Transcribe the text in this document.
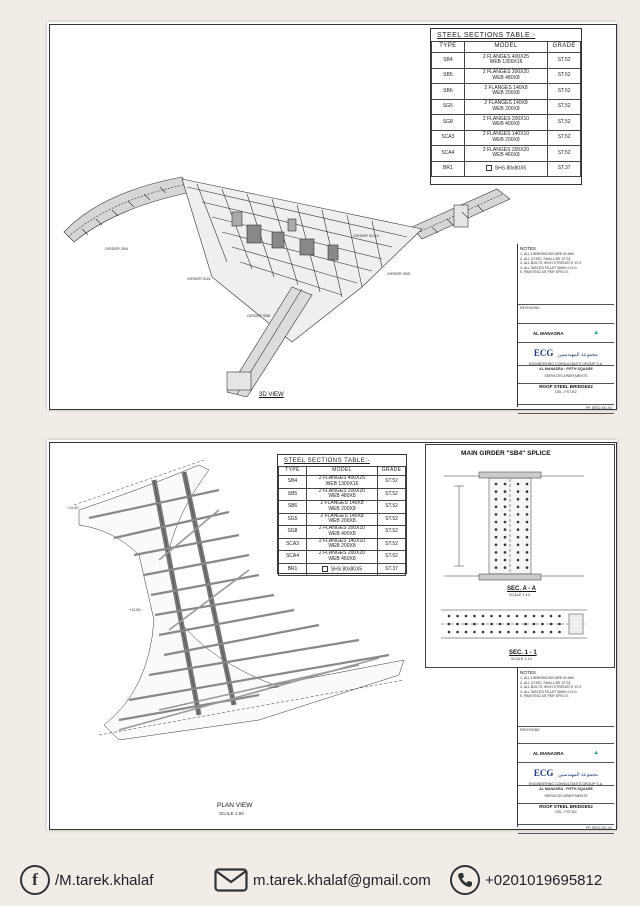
GIRDER SB4
GIRDER SG5
GIRDER SB6
GIRDER SCA3
GIRDER SB5
3D VIEW
STEEL SECTIONS TABLE:-
TYPE	MODEL	GRADE
SB4	2 FLANGES 400X25
WEB 1300X16	ST.52
SB5	2 FLANGES 200X20
WEB 480X8	ST.52
SB6	2 FLANGES 140X8
WEB 200X8	ST.52
SG5	2 FLANGES 140X8
WEB 200X8	ST.52
SG8	2 FLANGES 200X10
WEB 400X8	ST.52
SCA3	2 FLANGES 140X10
WEB 200X8	ST.52
SCA4	2 FLANGES 200X20
WEB 460X8	ST.52
BR1	SHS 80x80X5	ST.37
NOTES
1. ALL DIMENSIONS ARE IN MM.
2. ALL STEEL SHALL BE ST.52.
3. ALL BOLTS HIGH STRENGTH 10.9
4. ALL WELDS FILLET 6MM U.N.O.
5. PAINTING AS PER SPECS.
REVISIONS
AL MANASRA	▲
ECG مجموعة المهندسين
ENGINEERING CONSULTANTS GROUP S.A.
AL MANASRA : FIFTH SQUARE
SERVICES APARTMENTS
ROOF STEEL BRIDGE02
DEL. FST-B2
FP-SR02-SD-03
+11.50
+11.50
+11.50
PLAN VIEW
SCALE 1:50
STEEL SECTIONS TABLE:-
TYPE	MODEL	GRADE
SB4	2 FLANGES 400X25
WEB 1300X16	ST.52
SB5	2 FLANGES 200X20
WEB 480X8	ST.52
SB6	2 FLANGES 140X8
WEB 200X8	ST.52
SG5	2 FLANGES 140X8
WEB 200X8	ST.52
SG8	2 FLANGES 200X10
WEB 400X8	ST.52
SCA3	2 FLANGES 140X10
WEB 200X8	ST.52
SCA4	2 FLANGES 200X20
WEB 460X8	ST.52
BR1	SHS 80x80X5	ST.37
MAIN GIRDER "SB4" SPLICE
SEC. A - A
SCALE 1:10
SEC. 1 - 1
SCALE 1:10
NOTES
1. ALL DIMENSIONS ARE IN MM.
2. ALL STEEL SHALL BE ST.52.
3. ALL BOLTS HIGH STRENGTH 10.9
4. ALL WELDS FILLET 6MM U.N.O.
5. PAINTING AS PER SPECS.
REVISIONS
AL MANASRA	▲
ECG مجموعة المهندسين
ENGINEERING CONSULTANTS GROUP S.A.
AL MANASRA : FIFTH SQUARE
SERVICES APARTMENTS
ROOF STEEL BRIDGE02
DEL. FST-B2
FP-SR02-SD-03
f /M.tarek.khalaf	m.tarek.khalaf@gmail.com	+0201019695812
